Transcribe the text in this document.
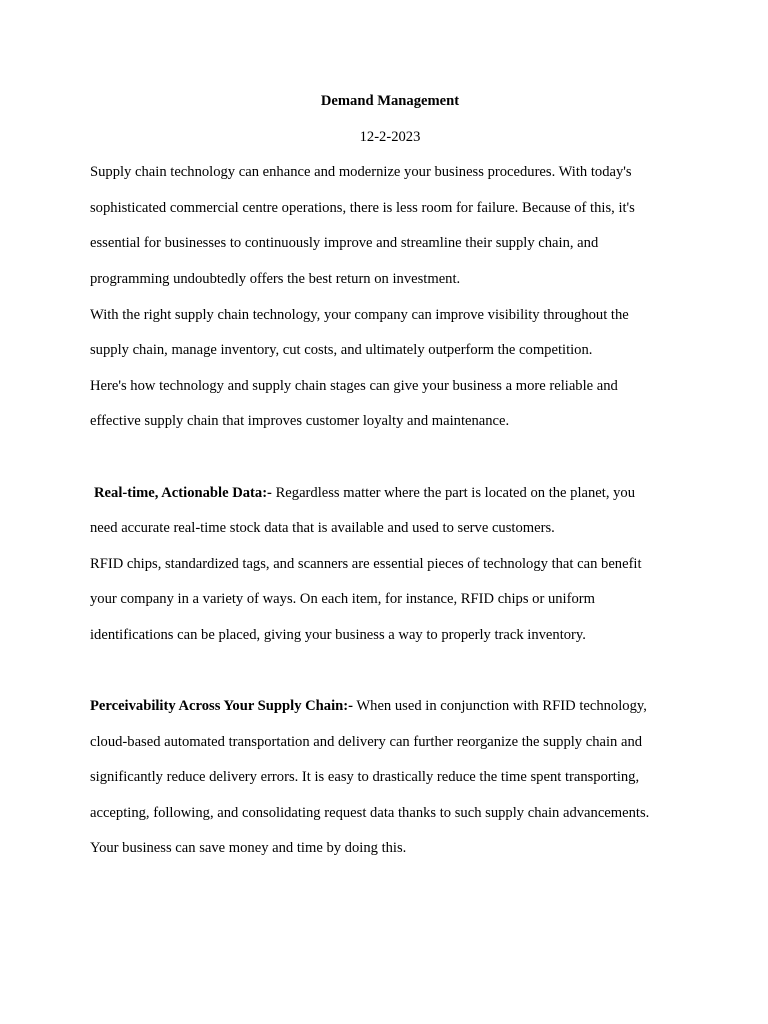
Demand Management

12-2-2023

Supply chain technology can enhance and modernize your business procedures. With today's
sophisticated commercial centre operations, there is less room for failure. Because of this, it's
essential for businesses to continuously improve and streamline their supply chain, and
programming undoubtedly offers the best return on investment.
With the right supply chain technology, your company can improve visibility throughout the
supply chain, manage inventory, cut costs, and ultimately outperform the competition.
Here's how technology and supply chain stages can give your business a more reliable and
effective supply chain that improves customer loyalty and maintenance.
Real-time, Actionable Data:- Regardless matter where the part is located on the planet, you
need accurate real-time stock data that is available and used to serve customers.
RFID chips, standardized tags, and scanners are essential pieces of technology that can benefit
your company in a variety of ways. On each item, for instance, RFID chips or uniform
identifications can be placed, giving your business a way to properly track inventory.
Perceivability Across Your Supply Chain:- When used in conjunction with RFID technology,
cloud-based automated transportation and delivery can further reorganize the supply chain and
significantly reduce delivery errors. It is easy to drastically reduce the time spent transporting,
accepting, following, and consolidating request data thanks to such supply chain advancements.
Your business can save money and time by doing this.
